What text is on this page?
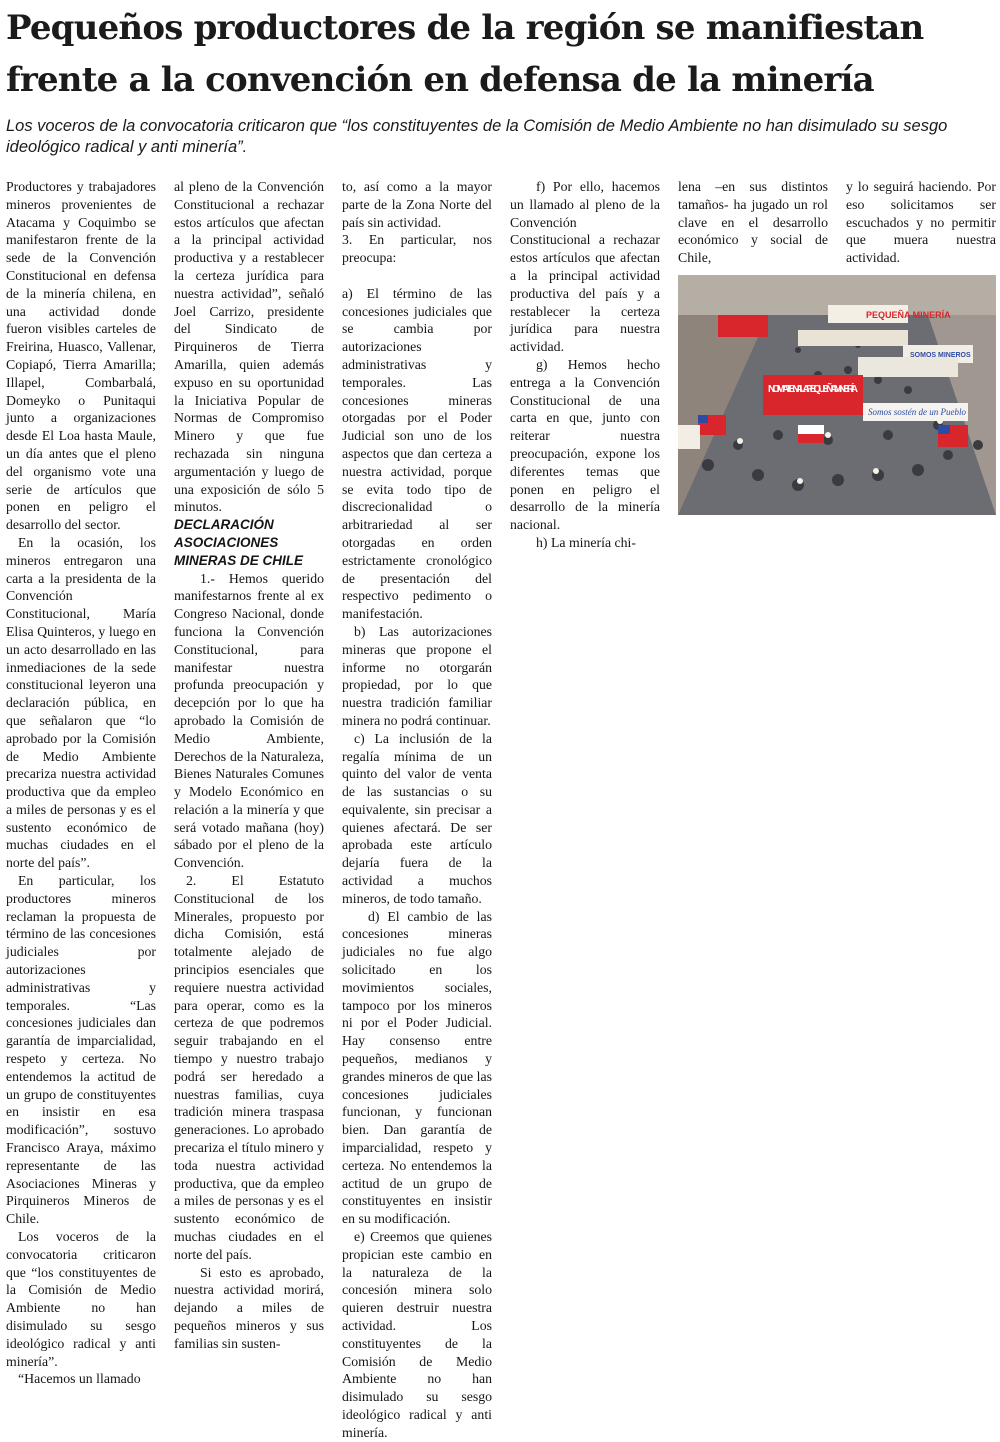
Pequeños productores de la región se manifiestan frente a la convención en defensa de la minería

Los voceros de la convocatoria criticaron que “los constituyentes de la Comisión de Medio Ambiente no han disimulado su sesgo ideológico radical y anti minería”.

Productores y trabajadores mineros provenientes de Atacama y Coquimbo se manifestaron frente de la sede de la Convención Constitucional en defensa de la minería chilena, en una actividad donde fueron visibles carteles de Freirina, Huasco, Vallenar, Copiapó, Tierra Amarilla; Illapel, Combarbalá, Domeyko o Punitaqui junto a organizaciones desde El Loa hasta Maule, un día antes que el pleno del organismo vote una serie de artículos que ponen en peligro el desarrollo del sector.

En la ocasión, los mineros entregaron una carta a la presidenta de la Convención Constitucional, María Elisa Quinteros, y luego en un acto desarrollado en las inmediaciones de la sede constitucional leyeron una declaración pública, en que señalaron que “lo aprobado por la Comisión de Medio Ambiente precariza nuestra actividad productiva que da empleo a miles de personas y es el sustento económico de muchas ciudades en el norte del país”.

En particular, los productores mineros reclaman la propuesta de término de las concesiones judiciales por autorizaciones administrativas y temporales. “Las concesiones judiciales dan garantía de imparcialidad, respeto y certeza. No entendemos la actitud de un grupo de constituyentes en insistir en esa modificación”, sostuvo Francisco Araya, máximo representante de las Asociaciones Mineras y Pirquineros Mineros de Chile.

Los voceros de la convocatoria criticaron que “los constituyentes de la Comisión de Medio Ambiente no han disimulado su sesgo ideológico radical y anti minería”.

“Hacemos un llamado

al pleno de la Convención Constitucional a rechazar estos artículos que afectan a la principal actividad productiva y a restablecer la certeza jurídica para nuestra actividad”, señaló Joel Carrizo, presidente del Sindicato de Pirquineros de Tierra Amarilla, quien además expuso en su oportunidad la Iniciativa Popular de Normas de Compromiso Minero y que fue rechazada sin ninguna argumentación y luego de una exposición de sólo 5 minutos.

DECLARACIÓN ASOCIACIONES MINERAS DE CHILE

1.- Hemos querido manifestarnos frente al ex Congreso Nacional, donde funciona la Convención Constitucional, para manifestar nuestra profunda preocupación y decepción por lo que ha aprobado la Comisión de Medio Ambiente, Derechos de la Naturaleza, Bienes Naturales Comunes y Modelo Económico en relación a la minería y que será votado mañana (hoy) sábado por el pleno de la Convención.

2. El Estatuto Constitucional de los Minerales, propuesto por dicha Comisión, está totalmente alejado de principios esenciales que requiere nuestra actividad para operar, como es la certeza de que podremos seguir trabajando en el tiempo y nuestro trabajo podrá ser heredado a nuestras familias, cuya tradición minera traspasa generaciones. Lo aprobado precariza el título minero y toda nuestra actividad productiva, que da empleo a miles de personas y es el sustento económico de muchas ciudades en el norte del país.

Si esto es aprobado, nuestra actividad morirá, dejando a miles de pequeños mineros y sus familias sin susten-

to, así como a la mayor parte de la Zona Norte del país sin actividad.

3. En particular, nos preocupa:

a) El término de las concesiones judiciales que se cambia por autorizaciones administrativas y temporales. Las concesiones mineras otorgadas por el Poder Judicial son uno de los aspectos que dan certeza a nuestra actividad, porque se evita todo tipo de discrecionalidad o arbitrariedad al ser otorgadas en orden estrictamente cronológico de presentación del respectivo pedimento o manifestación.

b) Las autorizaciones mineras que propone el informe no otorgarán propiedad, por lo que nuestra tradición familiar minera no podrá continuar.

c) La inclusión de la regalía mínima de un quinto del valor de venta de las sustancias o su equivalente, sin precisar a quienes afectará. De ser aprobada este artículo dejaría fuera de la actividad a muchos mineros, de todo tamaño.

d) El cambio de las concesiones mineras judiciales no fue algo solicitado en los movimientos sociales, tampoco por los mineros ni por el Poder Judicial. Hay consenso entre pequeños, medianos y grandes mineros de que las concesiones judiciales funcionan, y funcionan bien. Dan garantía de imparcialidad, respeto y certeza. No entendemos la actitud de un grupo de constituyentes en insistir en su modificación.

e) Creemos que quienes propician este cambio en la naturaleza de la concesión minera solo quieren destruir nuestra actividad. Los constituyentes de la Comisión de Medio Ambiente no han disimulado su sesgo ideológico radical y anti minería.

f) Por ello, hacemos un llamado al pleno de la Convención Constitucional a rechazar estos artículos que afectan a la principal actividad productiva del país y a restablecer la certeza jurídica para nuestra actividad.

g) Hemos hecho entrega a la Convención Constitucional de una carta en que, junto con reiterar nuestra preocupación, expone los diferentes temas que ponen en peligro el desarrollo de la minería nacional.

h) La minería chi-

lena –en sus distintos tamaños- ha jugado un rol clave en el desarrollo económico y social de Chile,

y lo seguirá haciendo. Por eso solicitamos ser escuchados y no permitir que muera nuestra actividad.

PEQUEÑA MINERÍA
SOMOS MINEROS
NO MATEN A LA PEQUEÑA MINERÍA
Somos sostén de un Pueblo
